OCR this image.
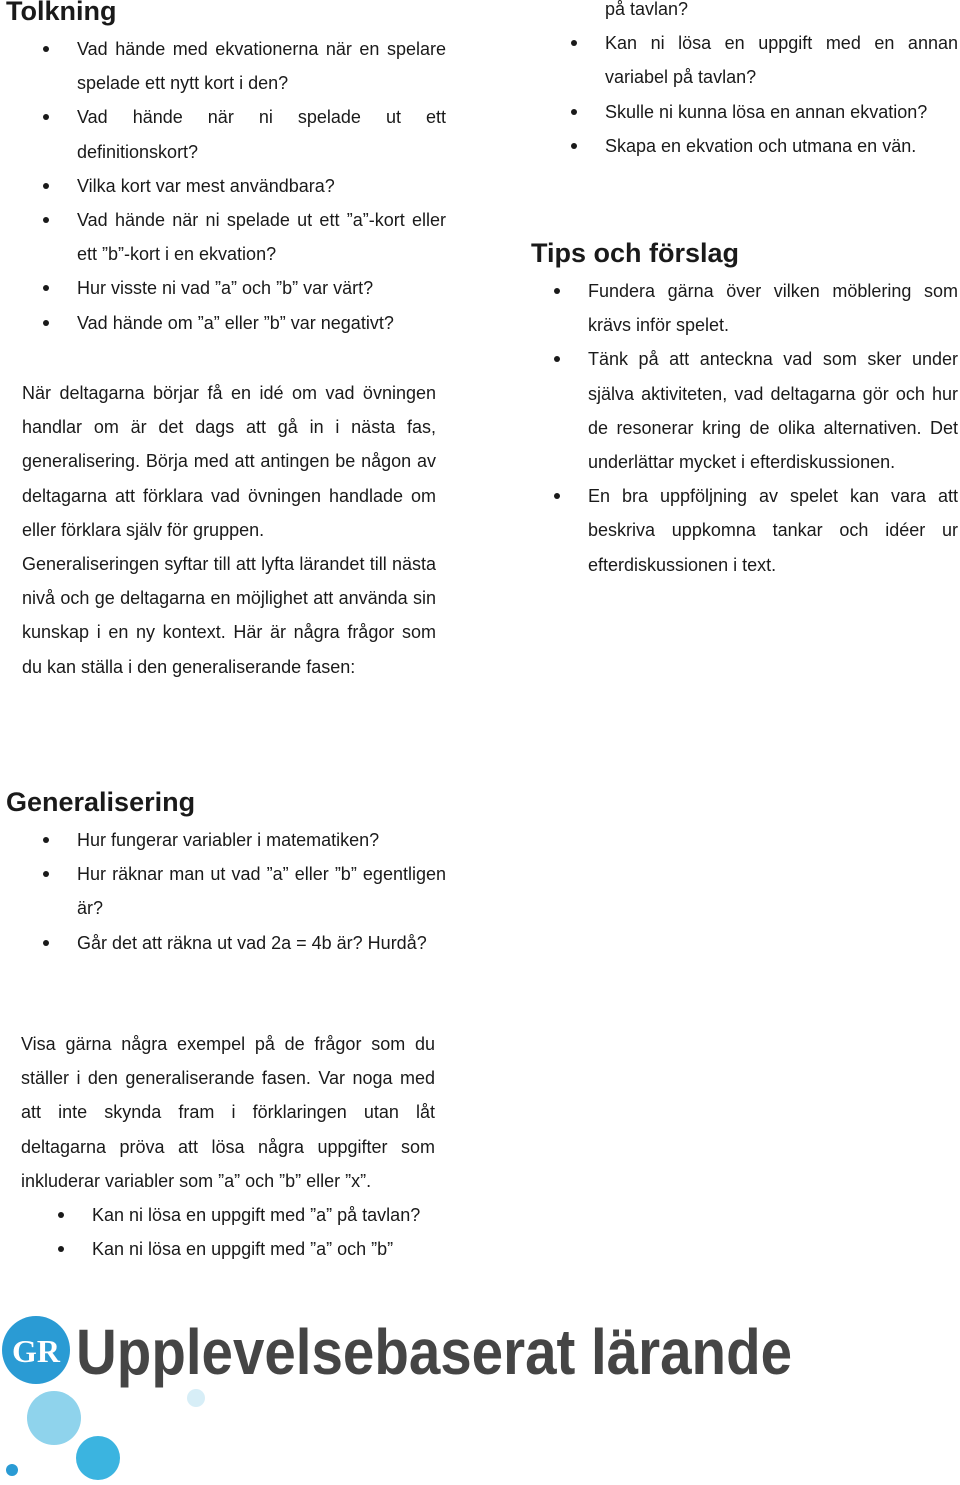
Tolkning
Vad hände med ekvationerna när en spelare spelade ett nytt kort i den?
Vad hände när ni spelade ut ett definitionskort?
Vilka kort var mest användbara?
Vad hände när ni spelade ut ett ”a”-kort eller ett ”b”-kort i en ekvation?
Hur visste ni vad ”a” och ”b” var värt?
Vad hände om ”a” eller ”b” var negativt?

När deltagarna börjar få en idé om vad övningen handlar om är det dags att gå in i nästa fas, generalisering. Börja med att antingen be någon av deltagarna att förklara vad övningen handlade om eller förklara själv för gruppen.

Generaliseringen syftar till att lyfta lärandet till nästa nivå och ge deltagarna en möjlighet att använda sin kunskap i en ny kontext. Här är några frågor som du kan ställa i den generaliserande fasen:

Generalisering
Hur fungerar variabler i matematiken?
Hur räknar man ut vad ”a” eller ”b” egentligen är?
Går det att räkna ut vad 2a = 4b är? Hurdå?

Visa gärna några exempel på de frågor som du ställer i den generaliserande fasen. Var noga med att inte skynda fram i förklaringen utan låt deltagarna pröva att lösa några uppgifter som inkluderar variabler som ”a” och ”b” eller ”x”.

Kan ni lösa en uppgift med ”a” på tavlan?
Kan ni lösa en uppgift med ”a” och ”b”
på tavlan?
Kan ni lösa en uppgift med en annan variabel på tavlan?
Skulle ni kunna lösa en annan ekvation?
Skapa en ekvation och utmana en vän.
Tips och förslag
Fundera gärna över vilken möblering som krävs inför spelet.
Tänk på att anteckna vad som sker under själva aktiviteten, vad deltagarna gör och hur de resonerar kring de olika alternativen. Det underlättar mycket i efterdiskussionen.
En bra uppföljning av spelet kan vara att beskriva uppkomna tankar och idéer ur efterdiskussionen i text.
GR Upplevelsebaserat lärande
